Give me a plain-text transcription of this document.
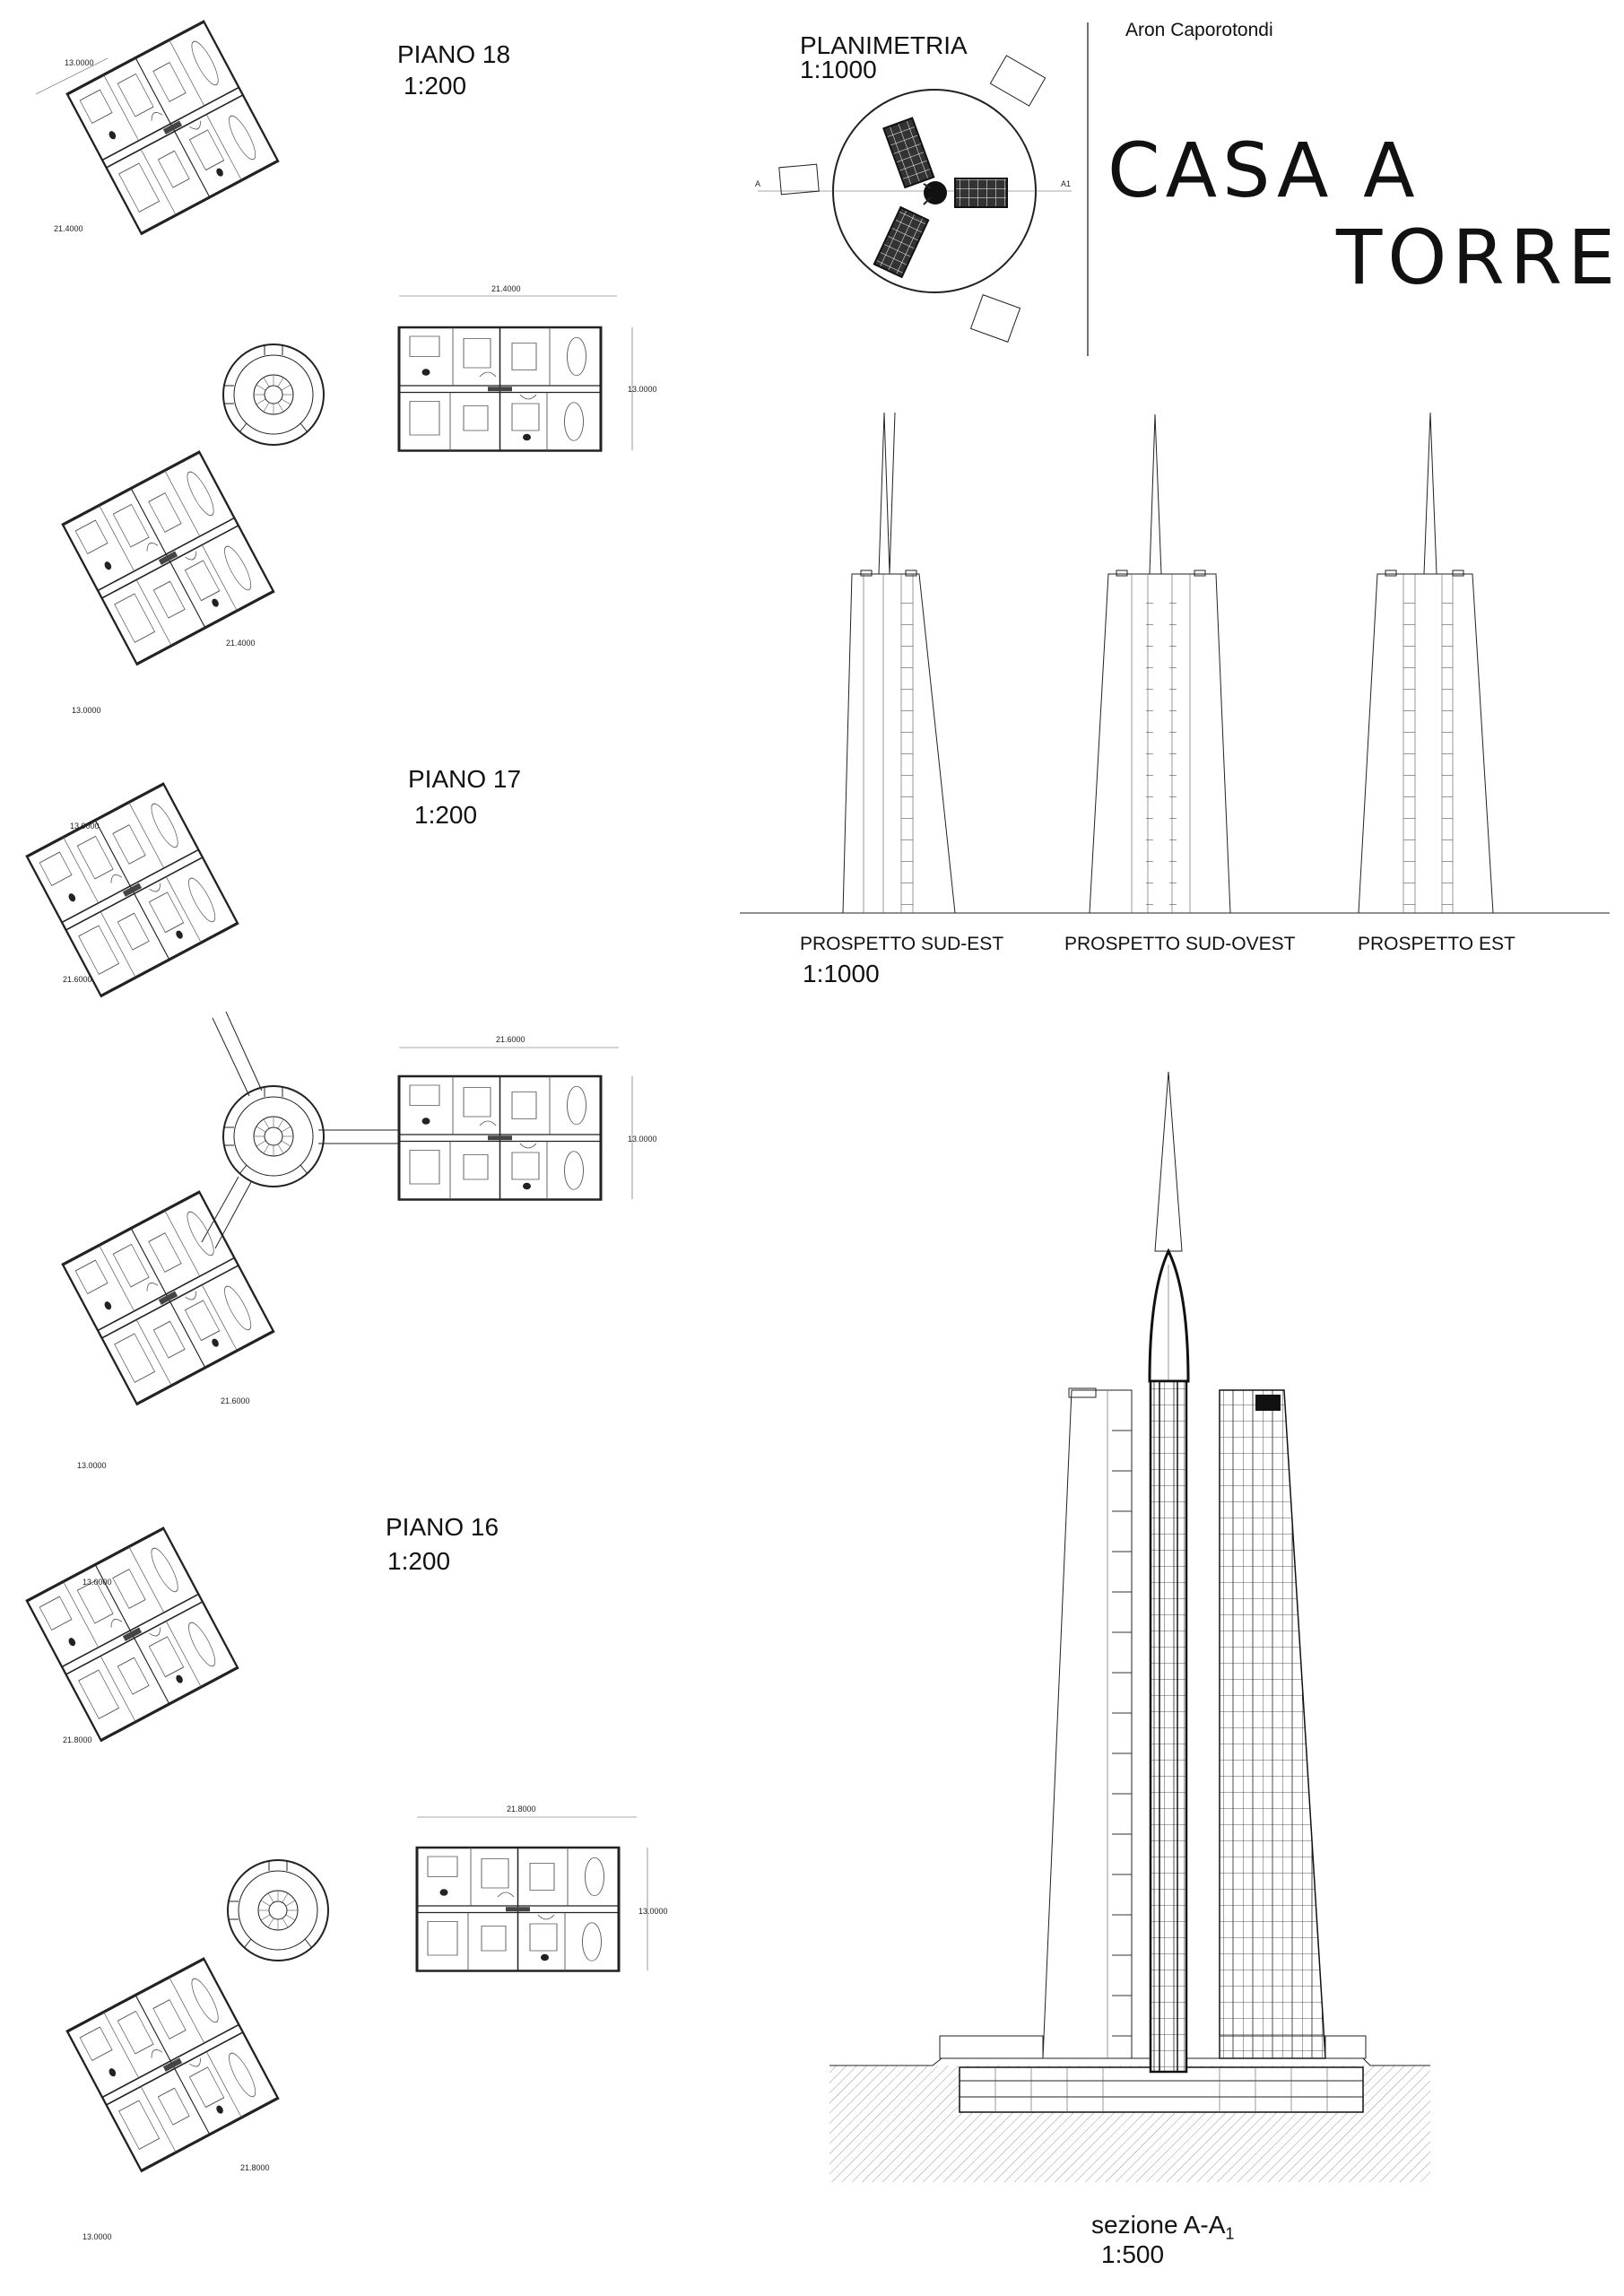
Aron Caporotondi
CASA A
TORRE
PLANIMETRIA
1:1000
PIANO 18
1:200
PIANO 17
1:200
PIANO 16
1:200
PROSPETTO SUD-EST	PROSPETTO SUD-OVEST	PROSPETTO EST
1:1000
sezione $A-A_1$
1:500
13.0000
21.4000
21.4000
13.0000
21.4000
13.0000
13.0000
21.6000
21.6000
13.0000
21.6000
13.0000
13.0000
21.8000
21.8000
13.0000
21.8000
13.0000
A	A1
